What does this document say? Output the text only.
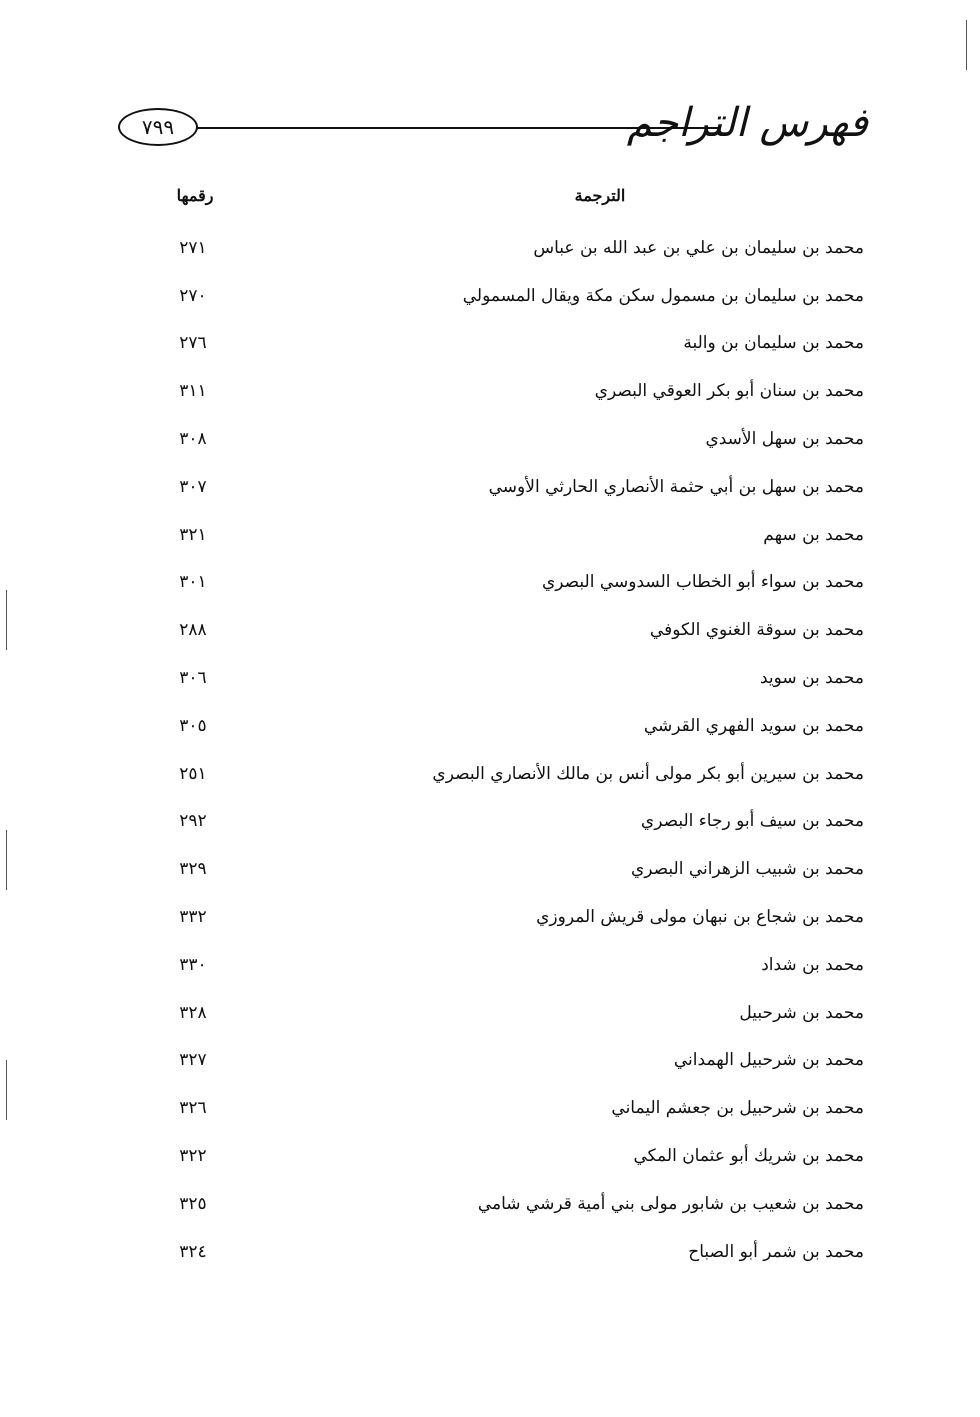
٧٩٩	فهرس التراجم
الترجمة
رقمها
محمد بن سليمان بن علي بن عبد الله بن عباس
٢٧١
محمد بن سليمان بن مسمول سكن مكة ويقال المسمولي
٢٧٠
محمد بن سليمان بن والبة
٢٧٦
محمد بن سنان أبو بكر العوقي البصري
٣١١
محمد بن سهل الأسدي
٣٠٨
محمد بن سهل بن أبي حثمة الأنصاري الحارثي الأوسي
٣٠٧
محمد بن سهم
٣٢١
محمد بن سواء أبو الخطاب السدوسي البصري
٣٠١
محمد بن سوقة الغنوي الكوفي
٢٨٨
محمد بن سويد
٣٠٦
محمد بن سويد الفهري القرشي
٣٠٥
محمد بن سيرين أبو بكر مولى أنس بن مالك الأنصاري البصري
٢٥١
محمد بن سيف أبو رجاء البصري
٢٩٢
محمد بن شبيب الزهراني البصري
٣٢٩
محمد بن شجاع بن نبهان مولى قريش المروزي
٣٣٢
محمد بن شداد
٣٣٠
محمد بن شرحبيل
٣٢٨
محمد بن شرحبيل الهمداني
٣٢٧
محمد بن شرحبيل بن جعشم اليماني
٣٢٦
محمد بن شريك أبو عثمان المكي
٣٢٢
محمد بن شعيب بن شابور مولى بني أمية قرشي شامي
٣٢٥
محمد بن شمر أبو الصباح
٣٢٤
